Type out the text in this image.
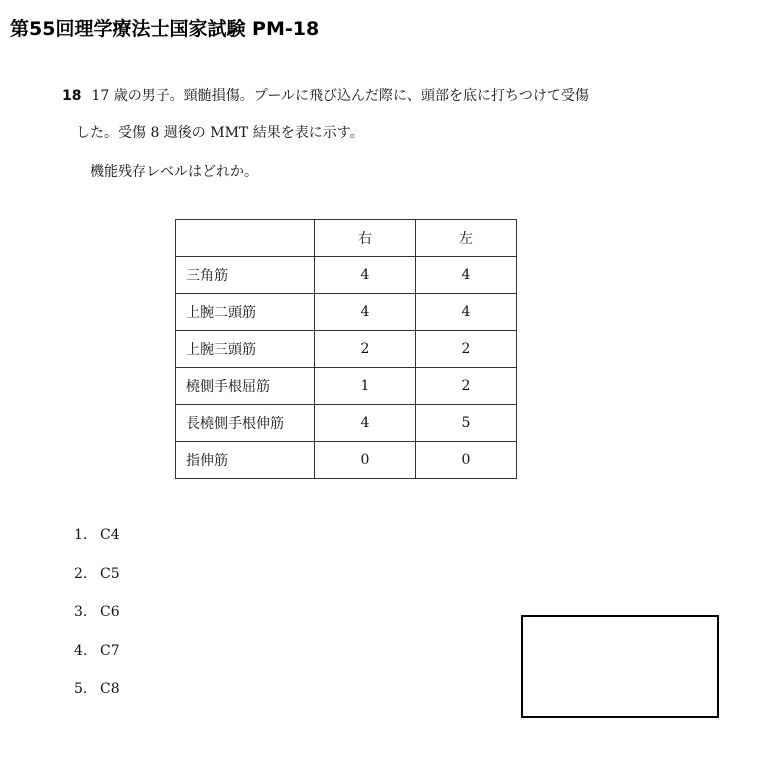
第55回理学療法士国家試験 PM-18
18 17 歳の男子。頸髄損傷。プールに飛び込んだ際に、頭部を底に打ちつけて受傷
した。受傷 8 週後の MMT 結果を表に示す。
機能残存レベルはどれか。
	右	左
三角筋	4	4
上腕二頭筋	4	4
上腕三頭筋	2	2
橈側手根屈筋	1	2
長橈側手根伸筋	4	5
指伸筋	0	0
1. C4
2. C5
3. C6
4. C7
5. C8
